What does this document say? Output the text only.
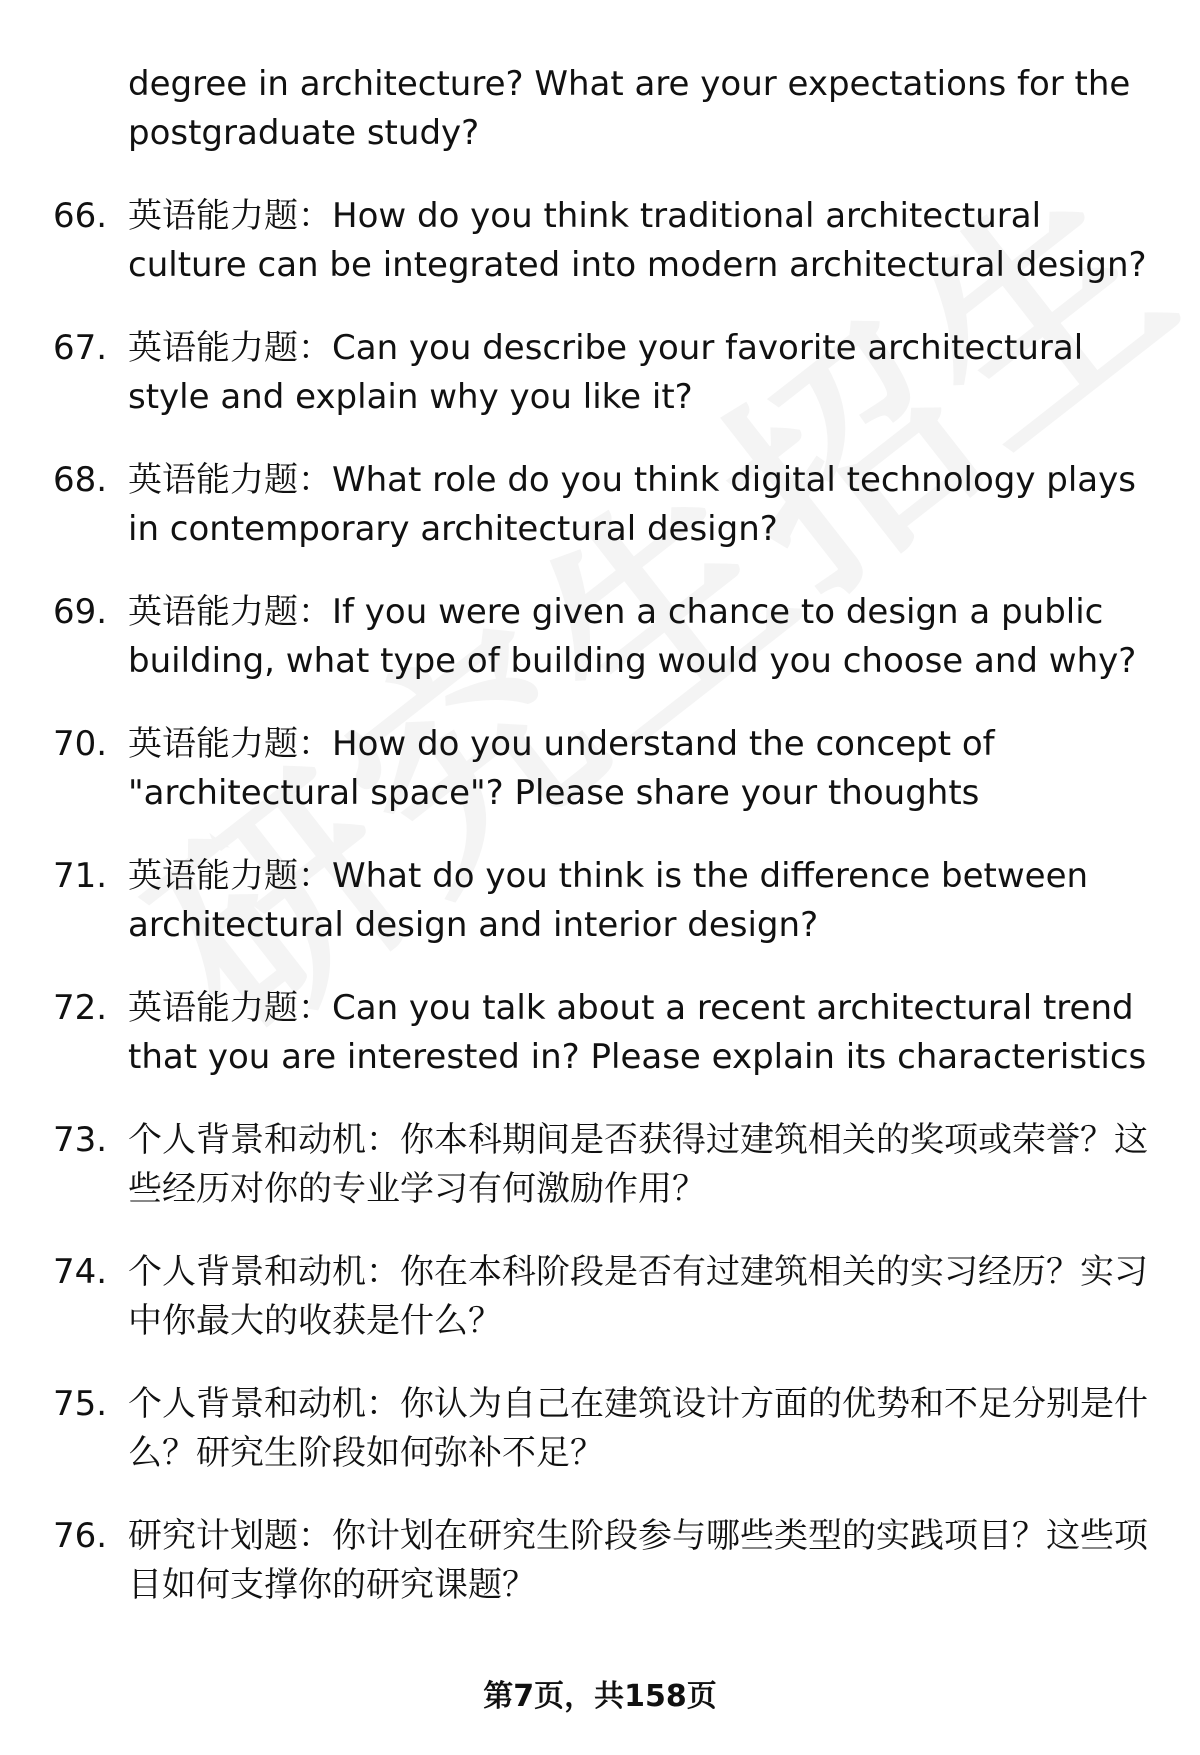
degree in architecture? What are your expectations for the postgraduate study?
66. 英语能力题：How do you think traditional architectural culture can be integrated into modern architectural design?
67. 英语能力题：Can you describe your favorite architectural style and explain why you like it?
68. 英语能力题：What role do you think digital technology plays in contemporary architectural design?
69. 英语能力题：If you were given a chance to design a public building, what type of building would you choose and why?
70. 英语能力题：How do you understand the concept of "architectural space"? Please share your thoughts
71. 英语能力题：What do you think is the difference between architectural design and interior design?
72. 英语能力题：Can you talk about a recent architectural trend that you are interested in? Please explain its characteristics
73. 个人背景和动机：你本科期间是否获得过建筑相关的奖项或荣誉？这些经历对你的专业学习有何激励作用？
74. 个人背景和动机：你在本科阶段是否有过建筑相关的实习经历？实习中你最大的收获是什么？
75. 个人背景和动机：你认为自己在建筑设计方面的优势和不足分别是什么？研究生阶段如何弥补不足？
76. 研究计划题：你计划在研究生阶段参与哪些类型的实践项目？这些项目如何支撑你的研究课题？
第7页，共158页
